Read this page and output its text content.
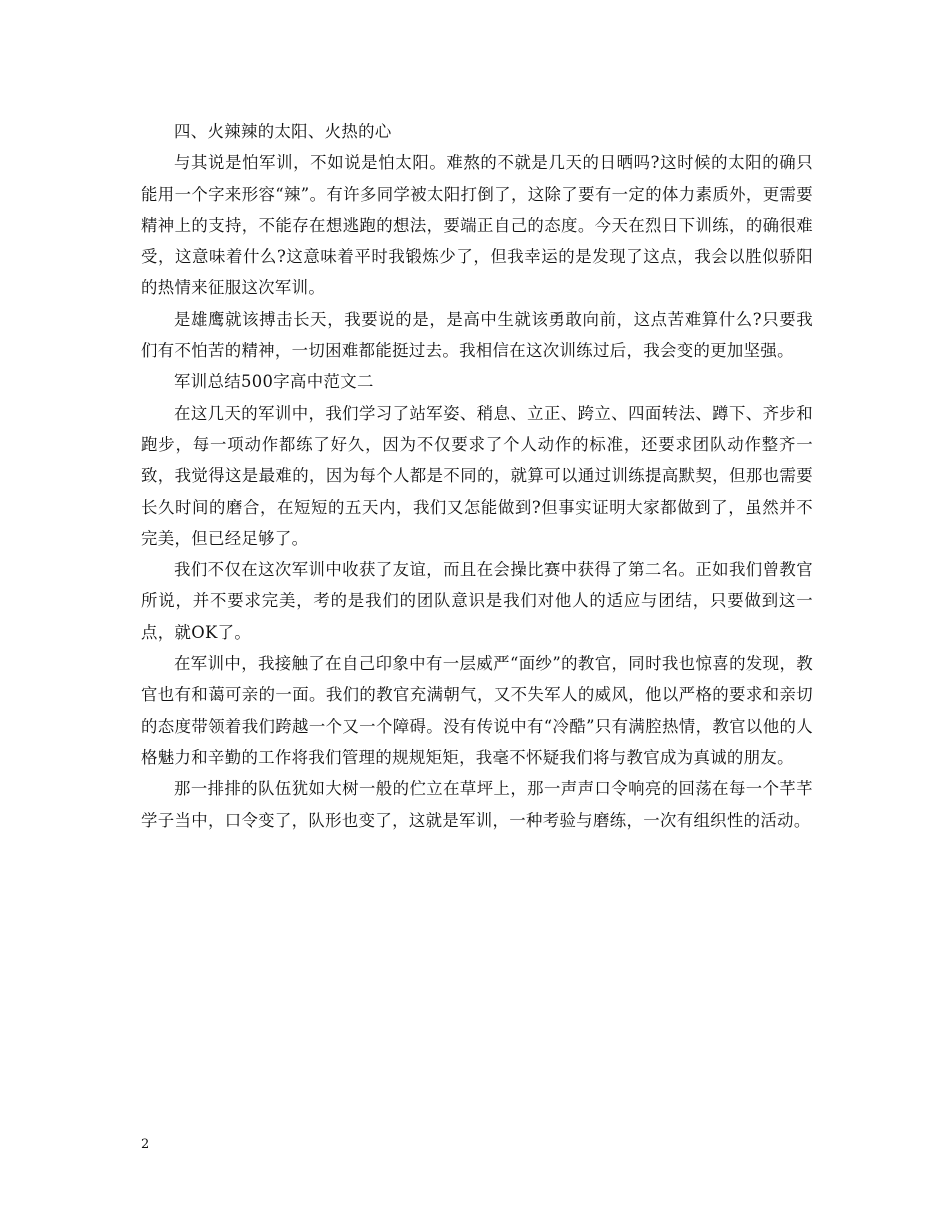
四、火辣辣的太阳、火热的心

与其说是怕军训，不如说是怕太阳。难熬的不就是几天的日晒吗?这时候的太阳的确只能用一个字来形容“辣”。有许多同学被太阳打倒了，这除了要有一定的体力素质外，更需要精神上的支持，不能存在想逃跑的想法，要端正自己的态度。今天在烈日下训练，的确很难受，这意味着什么?这意味着平时我锻炼少了，但我幸运的是发现了这点，我会以胜似骄阳的热情来征服这次军训。

是雄鹰就该搏击长天，我要说的是，是高中生就该勇敢向前，这点苦难算什么?只要我们有不怕苦的精神，一切困难都能挺过去。我相信在这次训练过后，我会变的更加坚强。

军训总结500字高中范文二

在这几天的军训中，我们学习了站军姿、稍息、立正、跨立、四面转法、蹲下、齐步和跑步，每一项动作都练了好久，因为不仅要求了个人动作的标准，还要求团队动作整齐一致，我觉得这是最难的，因为每个人都是不同的，就算可以通过训练提高默契，但那也需要长久时间的磨合，在短短的五天内，我们又怎能做到?但事实证明大家都做到了，虽然并不完美，但已经足够了。

我们不仅在这次军训中收获了友谊，而且在会操比赛中获得了第二名。正如我们曾教官所说，并不要求完美，考的是我们的团队意识是我们对他人的适应与团结，只要做到这一点，就OK了。

在军训中，我接触了在自己印象中有一层威严“面纱”的教官，同时我也惊喜的发现，教官也有和蔼可亲的一面。我们的教官充满朝气，又不失军人的威风，他以严格的要求和亲切的态度带领着我们跨越一个又一个障碍。没有传说中有“冷酷”只有满腔热情，教官以他的人格魅力和辛勤的工作将我们管理的规规矩矩，我毫不怀疑我们将与教官成为真诚的朋友。

那一排排的队伍犹如大树一般的伫立在草坪上，那一声声口令响亮的回荡在每一个芊芊学子当中，口令变了，队形也变了，这就是军训，一种考验与磨练，一次有组织性的活动。

2
